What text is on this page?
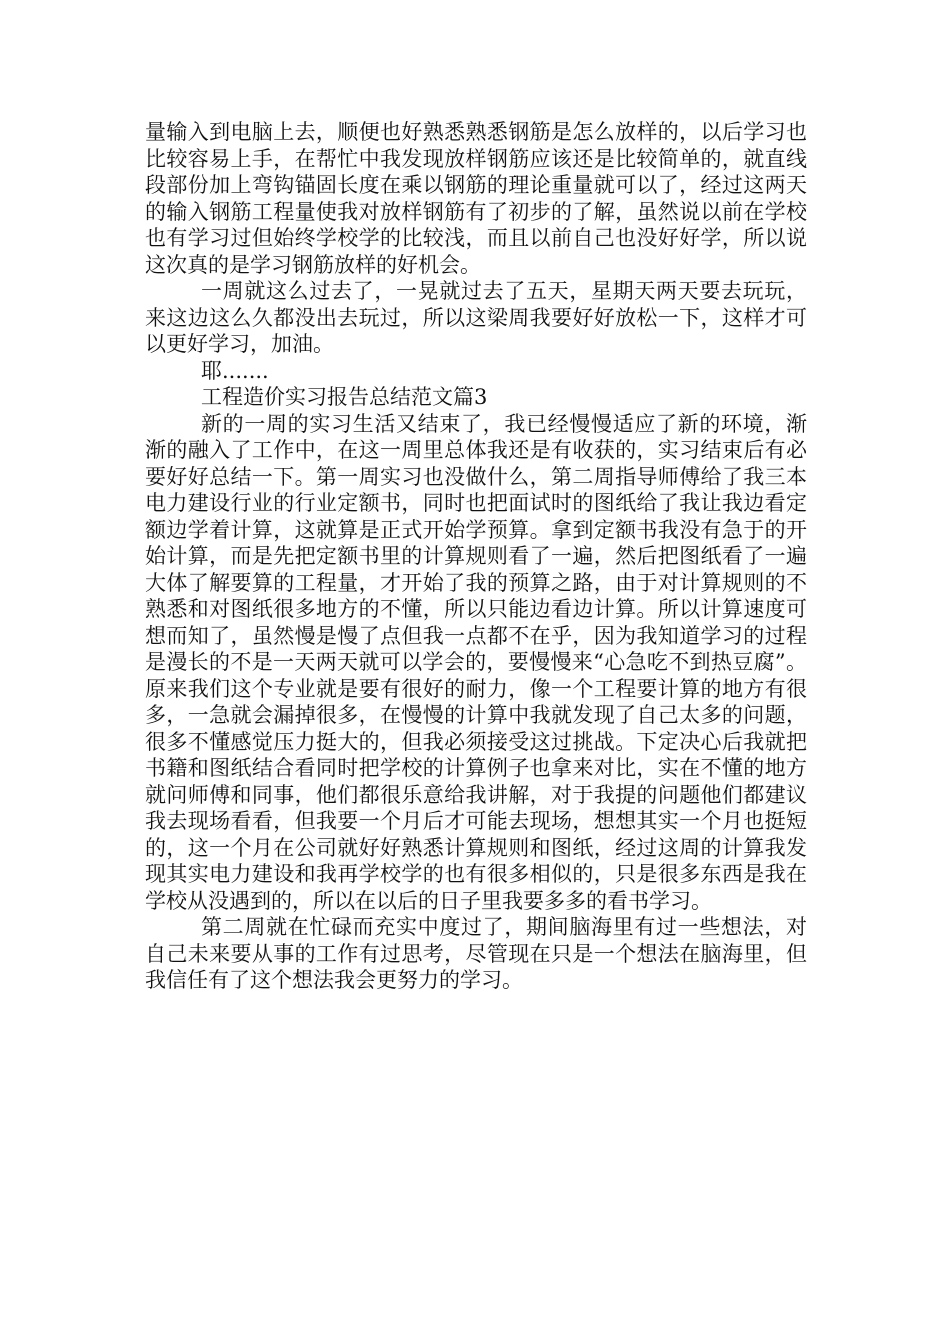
量输入到电脑上去，顺便也好熟悉熟悉钢筋是怎么放样的，以后学习也比较容易上手，在帮忙中我发现放样钢筋应该还是比较简单的，就直线段部份加上弯钩锚固长度在乘以钢筋的理论重量就可以了，经过这两天的输入钢筋工程量使我对放样钢筋有了初步的了解，虽然说以前在学校也有学习过但始终学校学的比较浅，而且以前自己也没好好学，所以说这次真的是学习钢筋放样的好机会。

一周就这么过去了，一晃就过去了五天，星期天两天要去玩玩，来这边这么久都没出去玩过，所以这梁周我要好好放松一下，这样才可以更好学习，加油。

耶.......

工程造价实习报告总结范文篇3

新的一周的实习生活又结束了，我已经慢慢适应了新的环境，渐渐的融入了工作中，在这一周里总体我还是有收获的，实习结束后有必要好好总结一下。第一周实习也没做什么，第二周指导师傅给了我三本电力建设行业的行业定额书，同时也把面试时的图纸给了我让我边看定额边学着计算，这就算是正式开始学预算。拿到定额书我没有急于的开始计算，而是先把定额书里的计算规则看了一遍，然后把图纸看了一遍大体了解要算的工程量，才开始了我的预算之路，由于对计算规则的不熟悉和对图纸很多地方的不懂，所以只能边看边计算。所以计算速度可想而知了，虽然慢是慢了点但我一点都不在乎，因为我知道学习的过程是漫长的不是一天两天就可以学会的，要慢慢来“心急吃不到热豆腐”。原来我们这个专业就是要有很好的耐力，像一个工程要计算的地方有很多，一急就会漏掉很多，在慢慢的计算中我就发现了自己太多的问题，很多不懂感觉压力挺大的，但我必须接受这过挑战。下定决心后我就把书籍和图纸结合看同时把学校的计算例子也拿来对比，实在不懂的地方就问师傅和同事，他们都很乐意给我讲解，对于我提的问题他们都建议我去现场看看，但我要一个月后才可能去现场，想想其实一个月也挺短的，这一个月在公司就好好熟悉计算规则和图纸，经过这周的计算我发现其实电力建设和我再学校学的也有很多相似的，只是很多东西是我在学校从没遇到的，所以在以后的日子里我要多多的看书学习。

第二周就在忙碌而充实中度过了，期间脑海里有过一些想法，对自己未来要从事的工作有过思考，尽管现在只是一个想法在脑海里，但我信任有了这个想法我会更努力的学习。
